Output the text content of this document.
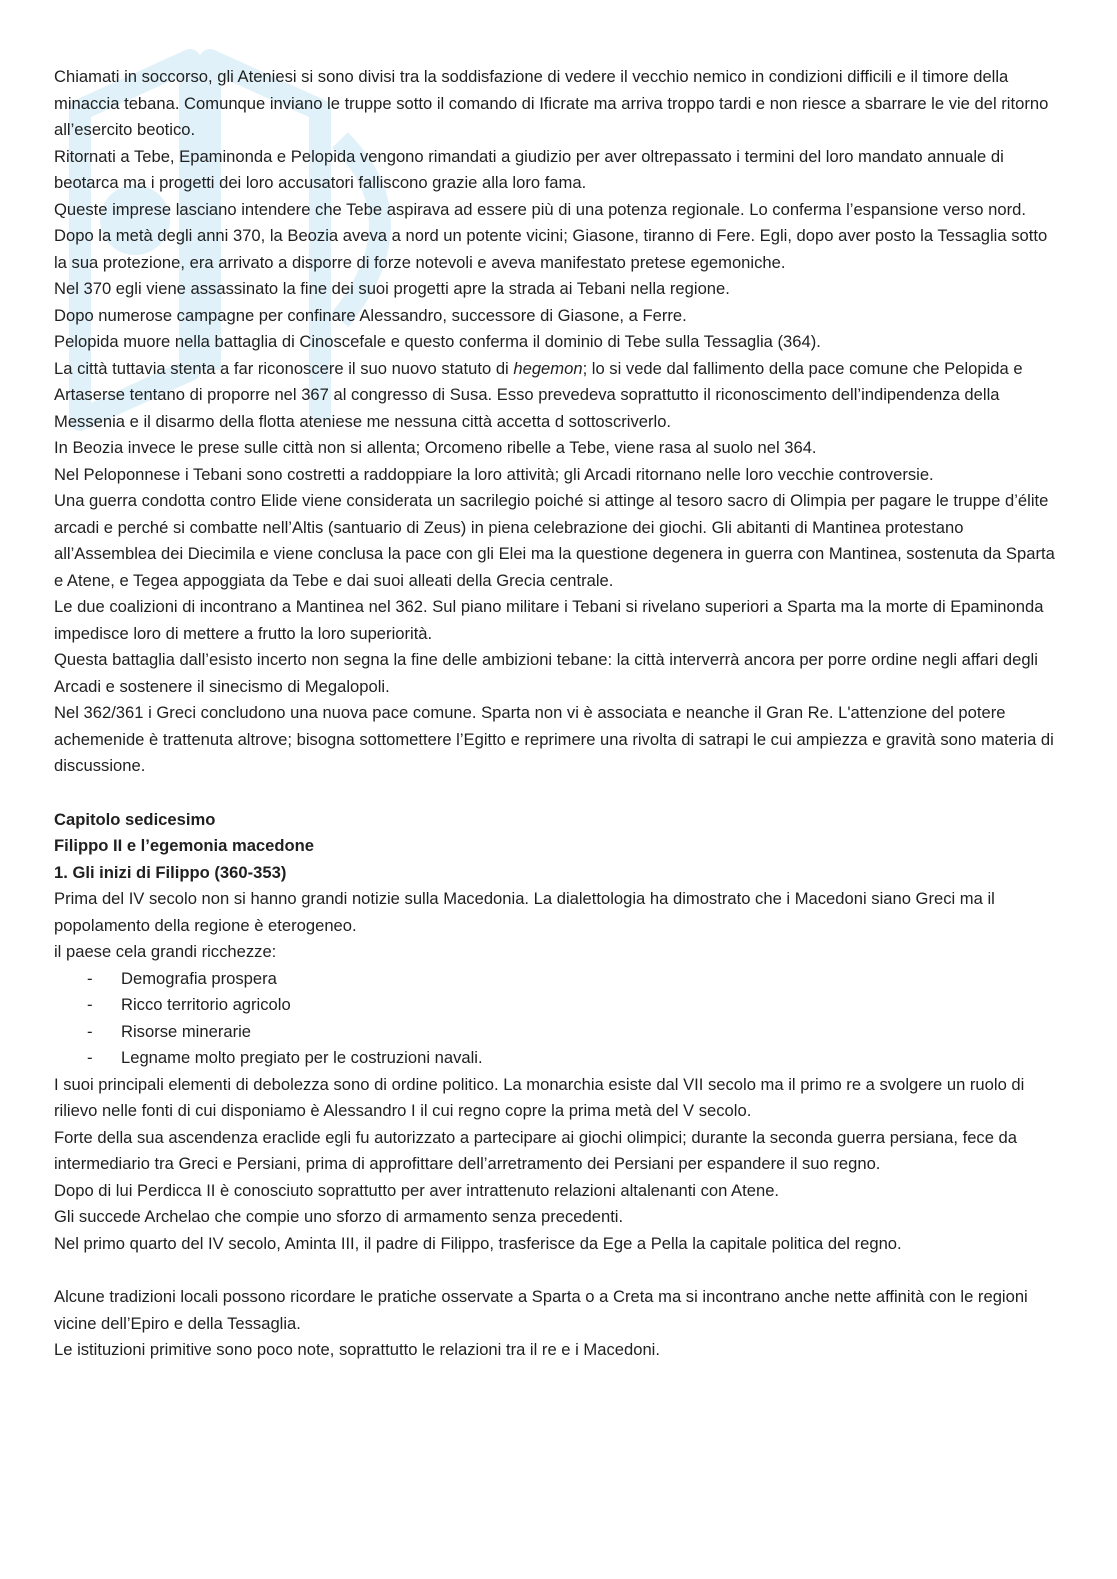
Chiamati in soccorso, gli Ateniesi si sono divisi tra la soddisfazione di vedere il vecchio nemico in condizioni difficili e il timore della minaccia tebana. Comunque inviano le truppe sotto il comando di Ificrate ma arriva troppo tardi e non riesce a sbarrare le vie del ritorno all’esercito beotico.

Ritornati a Tebe, Epaminonda e Pelopida vengono rimandati a giudizio per aver oltrepassato i termini del loro mandato annuale di beotarca ma i progetti dei loro accusatori falliscono grazie alla loro fama.

Queste imprese lasciano intendere che Tebe aspirava ad essere più di una potenza regionale. Lo conferma l’espansione verso nord.

Dopo la metà degli anni 370, la Beozia aveva a nord un potente vicini; Giasone, tiranno di Fere. Egli, dopo aver posto la Tessaglia sotto la sua protezione, era arrivato a disporre di forze notevoli e aveva manifestato pretese egemoniche.

Nel 370 egli viene assassinato la fine dei suoi progetti apre la strada ai Tebani nella regione.

Dopo numerose campagne per confinare Alessandro, successore di Giasone, a Ferre.

Pelopida muore nella battaglia di Cinoscefale e questo conferma il dominio di Tebe sulla Tessaglia (364).

La città tuttavia stenta a far riconoscere il suo nuovo statuto di hegemon; lo si vede dal fallimento della pace comune che Pelopida e Artaserse tentano di proporre nel 367 al congresso di Susa. Esso prevedeva soprattutto il riconoscimento dell’indipendenza della Messenia e il disarmo della flotta ateniese me nessuna città accetta d sottoscriverlo.

In Beozia invece le prese sulle città non si allenta; Orcomeno ribelle a Tebe, viene rasa al suolo nel 364.

Nel Peloponnese i Tebani sono costretti a raddoppiare la loro attività; gli Arcadi ritornano nelle loro vecchie controversie.

Una guerra condotta contro Elide viene considerata un sacrilegio poiché si attinge al tesoro sacro di Olimpia per pagare le truppe d’élite arcadi e perché si combatte nell’Altis (santuario di Zeus) in piena celebrazione dei giochi. Gli abitanti di Mantinea protestano all’Assemblea dei Diecimila e viene conclusa la pace con gli Elei ma la questione degenera in guerra con Mantinea, sostenuta da Sparta e Atene, e Tegea appoggiata da Tebe e dai suoi alleati della Grecia centrale.

Le due coalizioni di incontrano a Mantinea nel 362. Sul piano militare i Tebani si rivelano superiori a Sparta ma la morte di Epaminonda impedisce loro di mettere a frutto la loro superiorità.

Questa battaglia dall’esisto incerto non segna la fine delle ambizioni tebane: la città interverrà ancora per porre ordine negli affari degli Arcadi e sostenere il sinecismo di Megalopoli.

Nel 362/361 i Greci concludono una nuova pace comune. Sparta non vi è associata e neanche il Gran Re. L'attenzione del potere achemenide è trattenuta altrove; bisogna sottomettere l’Egitto e reprimere una rivolta di satrapi le cui ampiezza e gravità sono materia di discussione.

Capitolo sedicesimo

Filippo II e l’egemonia macedone

1. Gli inizi di Filippo (360-353)

Prima del IV secolo non si hanno grandi notizie sulla Macedonia. La dialettologia ha dimostrato che i Macedoni siano Greci ma il popolamento della regione è eterogeneo.

il paese cela grandi ricchezze:

- Demografia prospera
- Ricco territorio agricolo
- Risorse minerarie
- Legname molto pregiato per le costruzioni navali.

I suoi principali elementi di debolezza sono di ordine politico. La monarchia esiste dal VII secolo ma il primo re a svolgere un ruolo di rilievo nelle fonti di cui disponiamo è Alessandro I il cui regno copre la prima metà del V secolo.

Forte della sua ascendenza eraclide egli fu autorizzato a partecipare ai giochi olimpici; durante la seconda guerra persiana, fece da intermediario tra Greci e Persiani, prima di approfittare dell’arretramento dei Persiani per espandere il suo regno.

Dopo di lui Perdicca II è conosciuto soprattutto per aver intrattenuto relazioni altalenanti con Atene.

Gli succede Archelao che compie uno sforzo di armamento senza precedenti.

Nel primo quarto del IV secolo, Aminta III, il padre di Filippo, trasferisce da Ege a Pella la capitale politica del regno.

Alcune tradizioni locali possono ricordare le pratiche osservate a Sparta o a Creta ma si incontrano anche nette affinità con le regioni vicine dell’Epiro e della Tessaglia.

Le istituzioni primitive sono poco note, soprattutto le relazioni tra il re e i Macedoni.
